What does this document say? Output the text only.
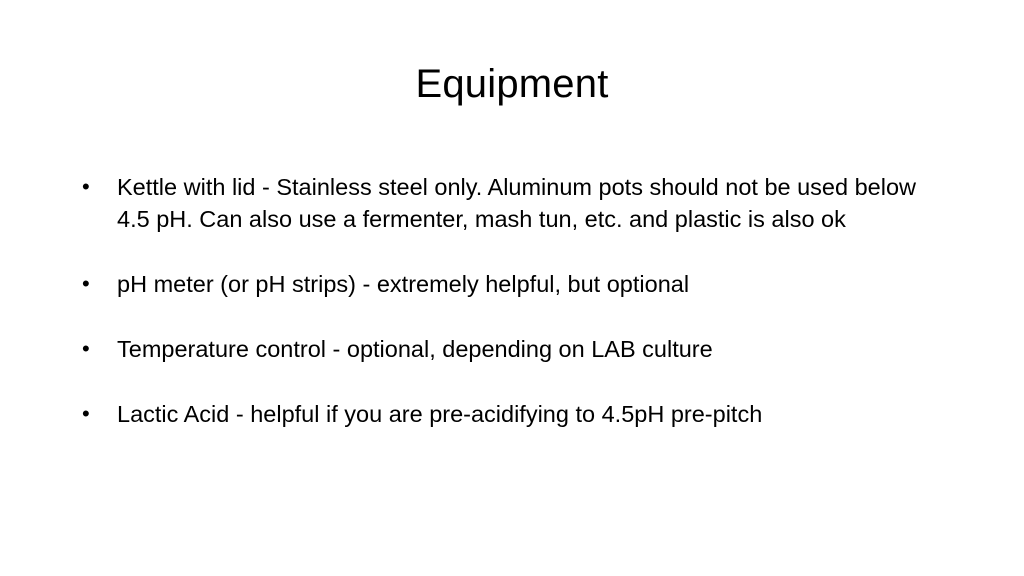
Equipment
•	Kettle with lid - Stainless steel only. Aluminum pots should not be used below 4.5 pH. Can also use a fermenter, mash tun, etc. and plastic is also ok
•	pH meter (or pH strips) - extremely helpful, but optional
•	Temperature control - optional, depending on LAB culture
•	Lactic Acid - helpful if you are pre-acidifying to 4.5pH pre-pitch
